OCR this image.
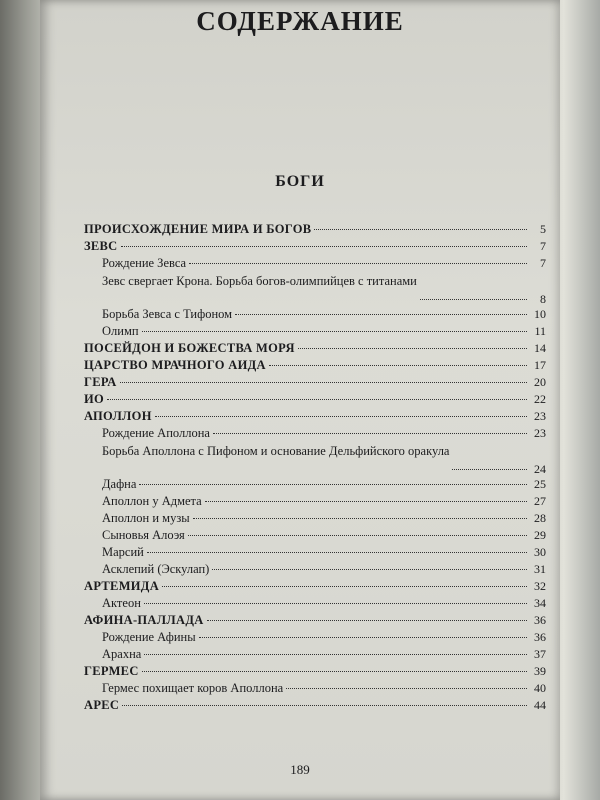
СОДЕРЖАНИЕ
БОГИ
ПРОИСХОЖДЕНИЕ МИРА И БОГОВ	5
ЗЕВС	7
Рождение Зевса	7
Зевс свергает Крона. Борьба богов-олимпийцев с титанами
8
Борьба Зевса с Тифоном	10
Олимп	11
ПОСЕЙДОН И БОЖЕСТВА МОРЯ	14
ЦАРСТВО МРАЧНОГО АИДА	17
ГЕРА	20
ИО	22
АПОЛЛОН	23
Рождение Аполлона	23
Борьба Аполлона с Пифоном и основание Дельфийского оракула
24
Дафна	25
Аполлон у Адмета	27
Аполлон и музы	28
Сыновья Алоэя	29
Марсий	30
Асклепий (Эскулап)	31
АРТЕМИДА	32
Актеон	34
АФИНА-ПАЛЛАДА	36
Рождение Афины	36
Арахна	37
ГЕРМЕС	39
Гермес похищает коров Аполлона	40
АРЕС	44
189
